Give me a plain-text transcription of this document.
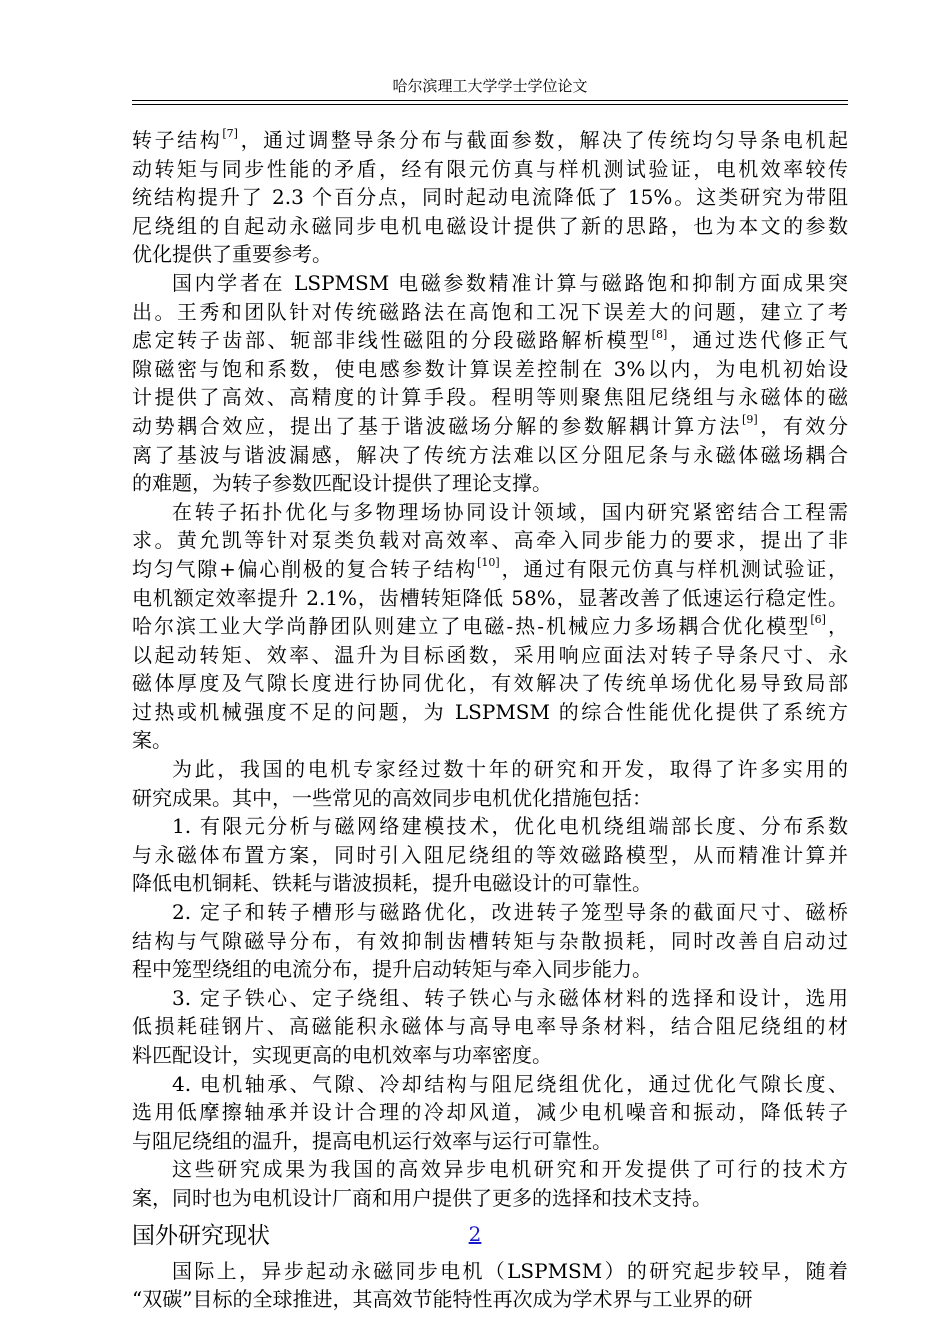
哈尔滨理工大学学士学位论文
转子结构[7]，通过调整导条分布与截面参数，解决了传统均匀导条电机起
动转矩与同步性能的矛盾，经有限元仿真与样机测试验证，电机效率较传
统结构提升了 2.3 个百分点，同时起动电流降低了 15%。这类研究为带阻
尼绕组的自起动永磁同步电机电磁设计提供了新的思路，也为本文的参数
优化提供了重要参考。
国内学者在 LSPMSM 电磁参数精准计算与磁路饱和抑制方面成果突
出。王秀和团队针对传统磁路法在高饱和工况下误差大的问题，建立了考
虑定转子齿部、轭部非线性磁阻的分段磁路解析模型[8]，通过迭代修正气
隙磁密与饱和系数，使电感参数计算误差控制在 3%以内，为电机初始设
计提供了高效、高精度的计算手段。程明等则聚焦阻尼绕组与永磁体的磁
动势耦合效应，提出了基于谐波磁场分解的参数解耦计算方法[9]，有效分
离了基波与谐波漏感，解决了传统方法难以区分阻尼条与永磁体磁场耦合
的难题，为转子参数匹配设计提供了理论支撑。
在转子拓扑优化与多物理场协同设计领域，国内研究紧密结合工程需
求。黄允凯等针对泵类负载对高效率、高牵入同步能力的要求，提出了非
均匀气隙+偏心削极的复合转子结构[10]，通过有限元仿真与样机测试验证，
电机额定效率提升 2.1%，齿槽转矩降低 58%，显著改善了低速运行稳定性。
哈尔滨工业大学尚静团队则建立了电磁-热-机械应力多场耦合优化模型[6]，
以起动转矩、效率、温升为目标函数，采用响应面法对转子导条尺寸、永
磁体厚度及气隙长度进行协同优化，有效解决了传统单场优化易导致局部
过热或机械强度不足的问题，为 LSPMSM 的综合性能优化提供了系统方
案。
为此，我国的电机专家经过数十年的研究和开发，取得了许多实用的
研究成果。其中，一些常见的高效同步电机优化措施包括：
1. 有限元分析与磁网络建模技术，优化电机绕组端部长度、分布系数
与永磁体布置方案，同时引入阻尼绕组的等效磁路模型，从而精准计算并
降低电机铜耗、铁耗与谐波损耗，提升电磁设计的可靠性。
2. 定子和转子槽形与磁路优化，改进转子笼型导条的截面尺寸、磁桥
结构与气隙磁导分布，有效抑制齿槽转矩与杂散损耗，同时改善自启动过
程中笼型绕组的电流分布，提升启动转矩与牵入同步能力。
3. 定子铁心、定子绕组、转子铁心与永磁体材料的选择和设计，选用
低损耗硅钢片、高磁能积永磁体与高导电率导条材料，结合阻尼绕组的材
料匹配设计，实现更高的电机效率与功率密度。
4. 电机轴承、气隙、冷却结构与阻尼绕组优化，通过优化气隙长度、
选用低摩擦轴承并设计合理的冷却风道，减少电机噪音和振动，降低转子
与阻尼绕组的温升，提高电机运行效率与运行可靠性。
这些研究成果为我国的高效异步电机研究和开发提供了可行的技术方
案，同时也为电机设计厂商和用户提供了更多的选择和技术支持。
国外研究现状
国际上，异步起动永磁同步电机（LSPMSM）的研究起步较早，随着
“双碳”目标的全球推进，其高效节能特性再次成为学术界与工业界的研
2
